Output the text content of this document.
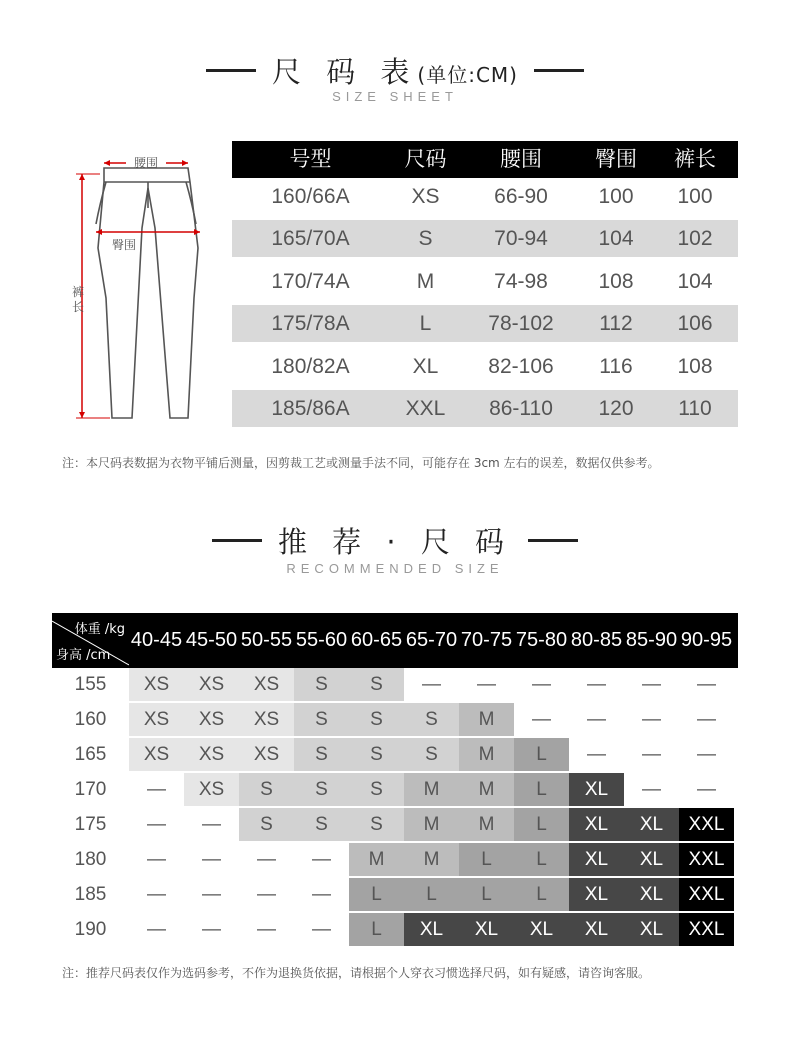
尺 码 表(单位:CM)
SIZE SHEET
腰围
臀围
裤长
号型	尺码	腰围	臀围	裤长
160/66A	XS	66-90	100	100
165/70A	S	70-94	104	102
170/74A	M	74-98	108	104
175/78A	L	78-102	112	106
180/82A	XL	82-106	116	108
185/86A	XXL	86-110	120	110
注：本尺码表数据为衣物平铺后测量，因剪裁工艺或测量手法不同，可能存在 3cm 左右的误差，数据仅供参考。
推 荐 · 尺 码
RECOMMENDED SIZE
体重 /kg
身高 /cm
40-45 45-50 50-55 55-60 60-65 65-70 70-75 75-80 80-85 85-90 90-95
155	XS	XS	XS	S	S	—	—	—	—	—	—
160	XS	XS	XS	S	S	S	M	—	—	—	—
165	XS	XS	XS	S	S	S	M	L	—	—	—
170	—	XS	S	S	S	M	M	L	XL	—	—
175	—	—	S	S	S	M	M	L	XL	XL	XXL
180	—	—	—	—	M	M	L	L	XL	XL	XXL
185	—	—	—	—	L	L	L	L	XL	XL	XXL
190	—	—	—	—	L	XL	XL	XL	XL	XL	XXL
注：推荐尺码表仅作为选码参考，不作为退换货依据，请根据个人穿衣习惯选择尺码，如有疑感，请咨询客服。
